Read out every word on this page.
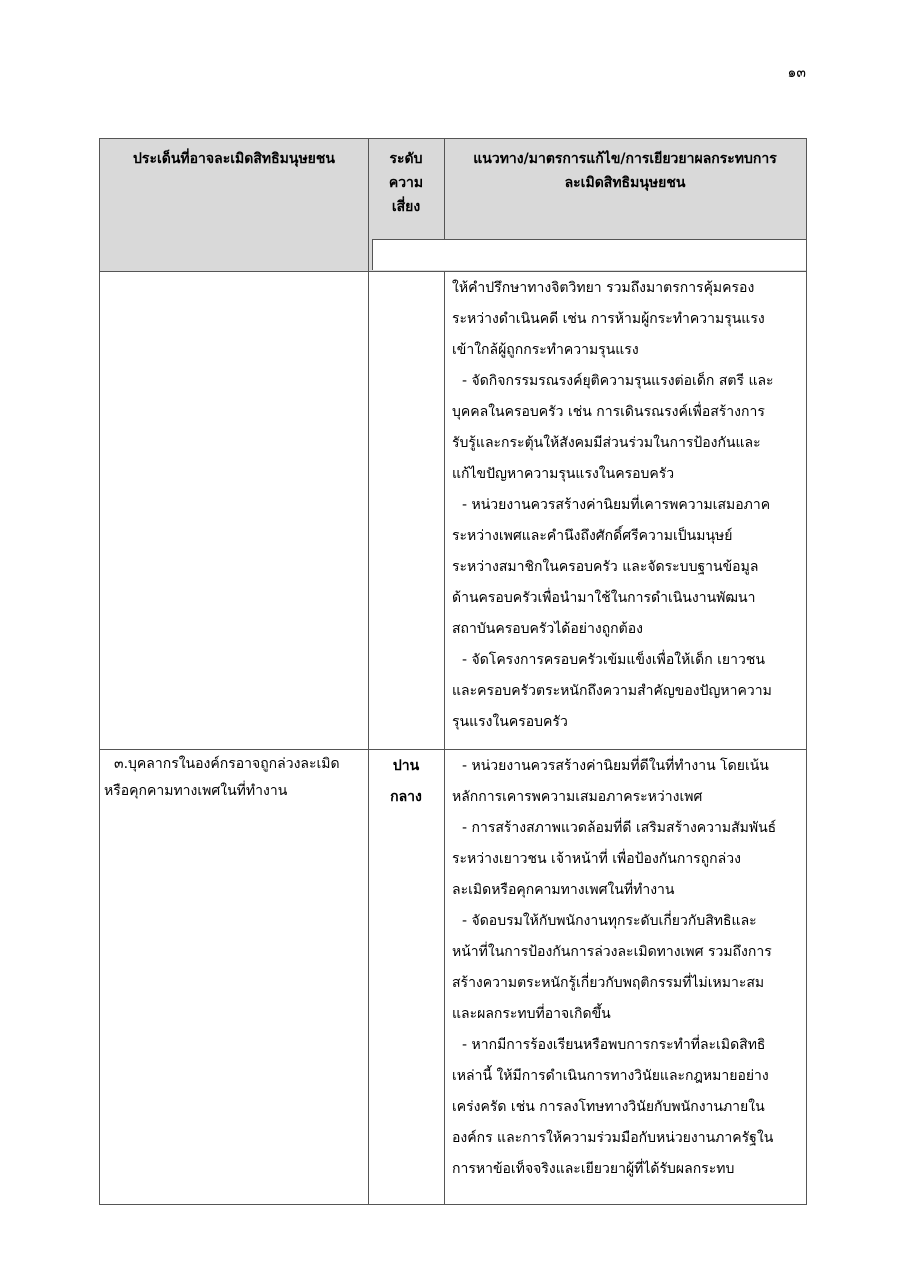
๑๓
ประเด็นที่อาจละเมิดสิทธิมนุษยชน	ระดับ
ความ
เสี่ยง
แนวทาง/มาตรการแก้ไข/การเยียวยาผลกระทบการ
ละเมิดสิทธิมนุษยชน

ให้คำปรึกษาทางจิตวิทยา รวมถึงมาตรการคุ้มครอง

ระหว่างดำเนินคดี เช่น การห้ามผู้กระทำความรุนแรง

เข้าใกล้ผู้ถูกกระทำความรุนแรง

- จัดกิจกรรมรณรงค์ยุติความรุนแรงต่อเด็ก สตรี และ

บุคคลในครอบครัว เช่น การเดินรณรงค์เพื่อสร้างการ

รับรู้และกระตุ้นให้สังคมมีส่วนร่วมในการป้องกันและ

แก้ไขปัญหาความรุนแรงในครอบครัว

- หน่วยงานควรสร้างค่านิยมที่เคารพความเสมอภาค

ระหว่างเพศและคำนึงถึงศักดิ์ศรีความเป็นมนุษย์

ระหว่างสมาชิกในครอบครัว และจัดระบบฐานข้อมูล

ด้านครอบครัวเพื่อนำมาใช้ในการดำเนินงานพัฒนา

สถาบันครอบครัวได้อย่างถูกต้อง

- จัดโครงการครอบครัวเข้มแข็งเพื่อให้เด็ก เยาวชน

และครอบครัวตระหนักถึงความสำคัญของปัญหาความ

รุนแรงในครอบครัว

๓.บุคลากรในองค์กรอาจถูกล่วงละเมิด

หรือคุกคามทางเพศในที่ทำงาน

ปาน

กลาง

- หน่วยงานควรสร้างค่านิยมที่ดีในที่ทำงาน โดยเน้น

หลักการเคารพความเสมอภาคระหว่างเพศ

- การสร้างสภาพแวดล้อมที่ดี เสริมสร้างความสัมพันธ์

ระหว่างเยาวชน เจ้าหน้าที่ เพื่อป้องกันการถูกล่วง

ละเมิดหรือคุกคามทางเพศในที่ทำงาน

- จัดอบรมให้กับพนักงานทุกระดับเกี่ยวกับสิทธิและ

หน้าที่ในการป้องกันการล่วงละเมิดทางเพศ รวมถึงการ

สร้างความตระหนักรู้เกี่ยวกับพฤติกรรมที่ไม่เหมาะสม

และผลกระทบที่อาจเกิดขึ้น

- หากมีการร้องเรียนหรือพบการกระทำที่ละเมิดสิทธิ

เหล่านี้ ให้มีการดำเนินการทางวินัยและกฎหมายอย่าง

เคร่งครัด เช่น การลงโทษทางวินัยกับพนักงานภายใน

องค์กร และการให้ความร่วมมือกับหน่วยงานภาครัฐใน

การหาข้อเท็จจริงและเยียวยาผู้ที่ได้รับผลกระทบ
